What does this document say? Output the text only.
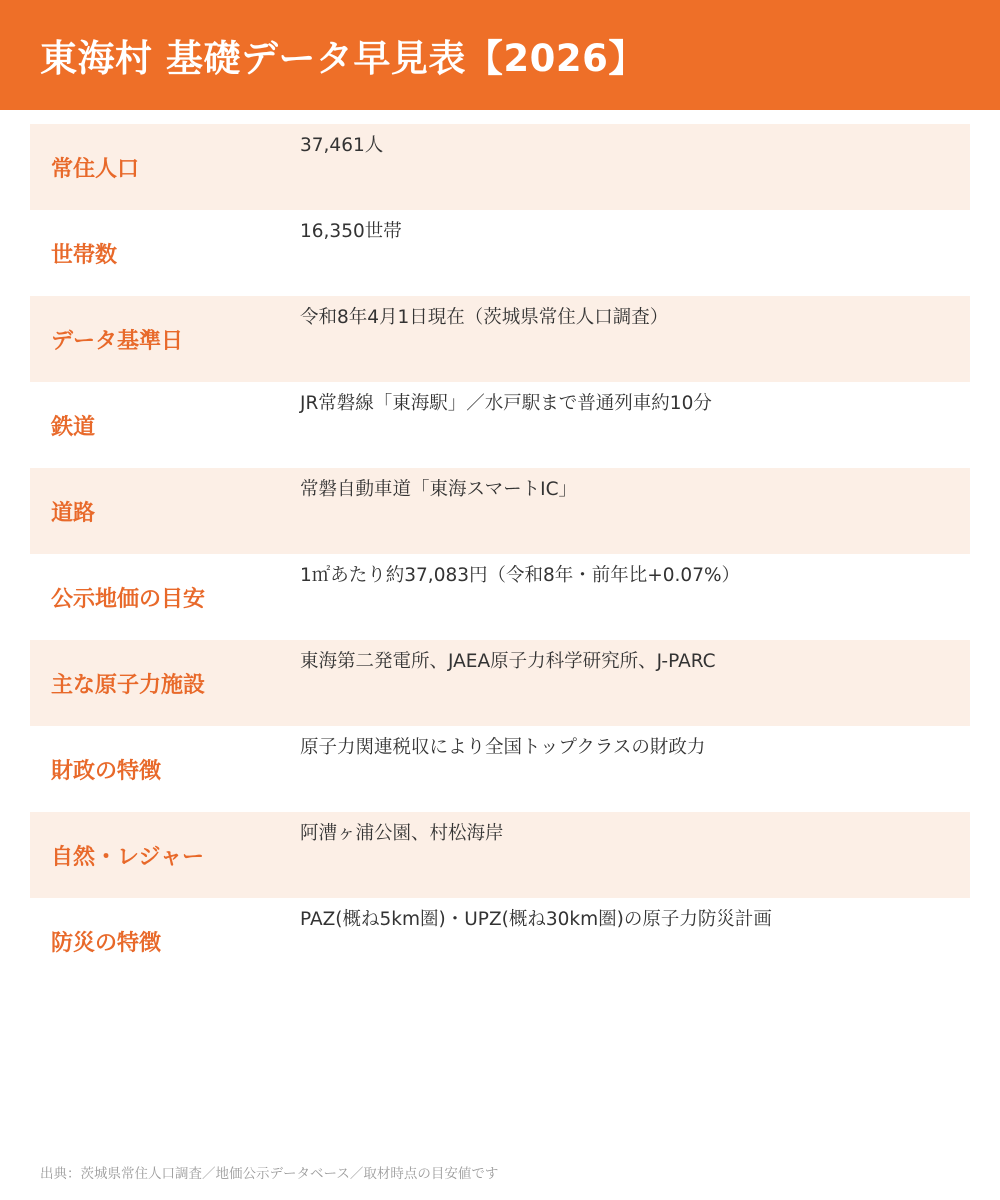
東海村 基礎データ早見表【2026】
常住人口
37,461人
世帯数
16,350世帯
データ基準日
令和8年4月1日現在（茨城県常住人口調査）
鉄道
JR常磐線「東海駅」／水戸駅まで普通列車約10分
道路
常磐自動車道「東海スマートIC」
公示地価の目安
1㎡あたり約37,083円（令和8年・前年比+0.07%）
主な原子力施設
東海第二発電所、JAEA原子力科学研究所、J-PARC
財政の特徴
原子力関連税収により全国トップクラスの財政力
自然・レジャー
阿漕ヶ浦公園、村松海岸
防災の特徴
PAZ(概ね5km圏)・UPZ(概ね30km圏)の原子力防災計画
出典：茨城県常住人口調査／地価公示データベース／取材時点の目安値です
